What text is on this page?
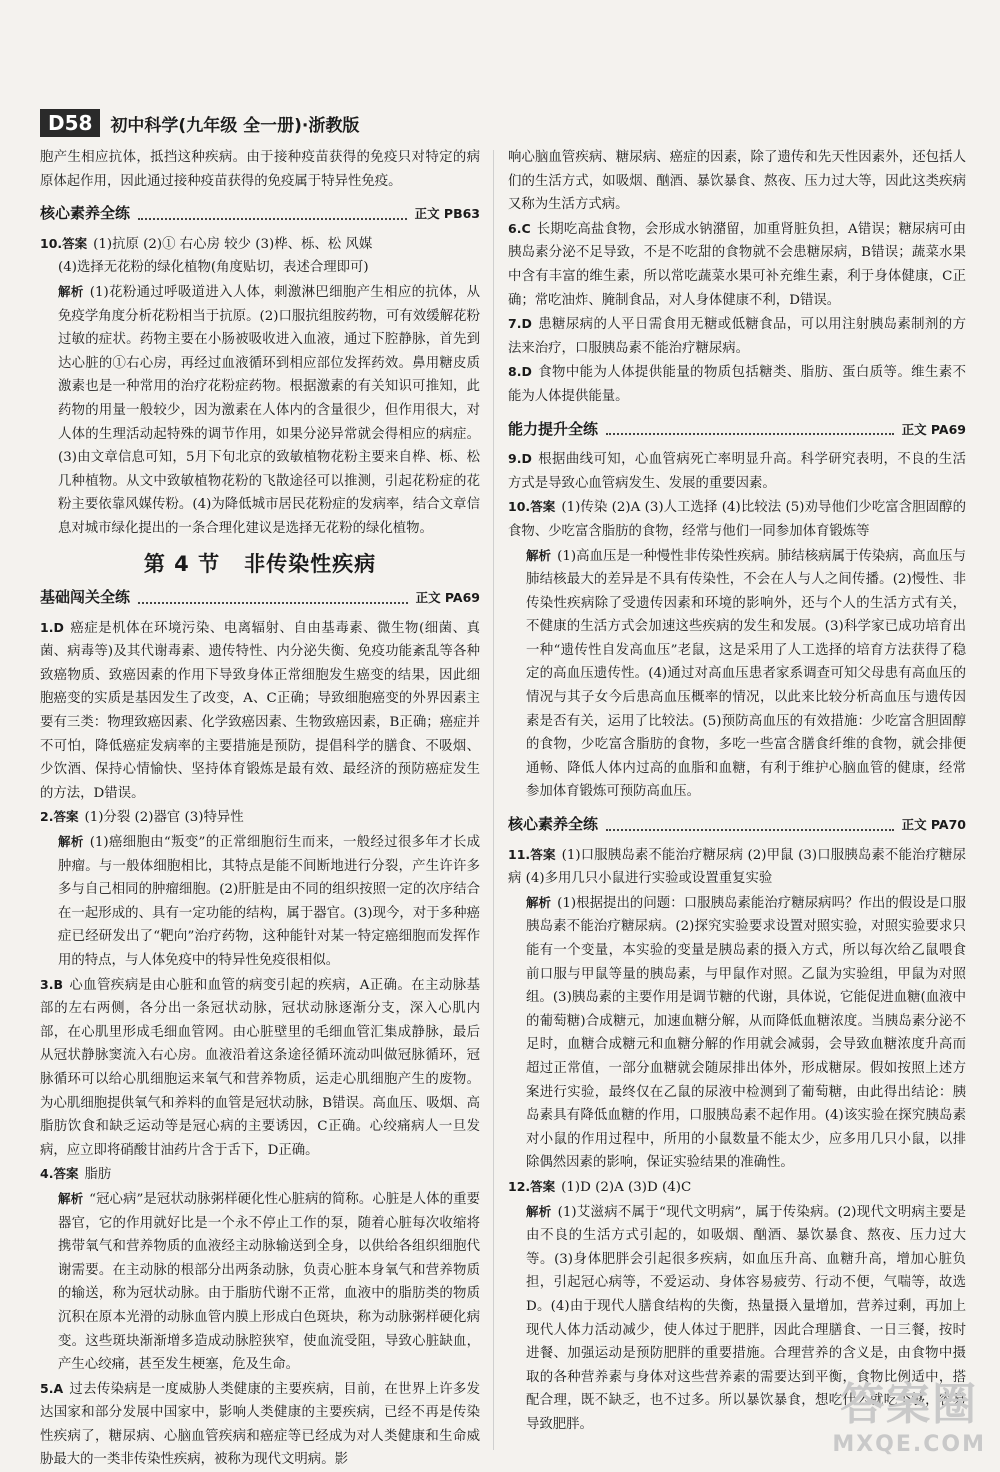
D58	初中科学(九年级 全一册)·浙教版

胞产生相应抗体，抵挡这种疾病。由于接种疫苗获得的免疫只对特定的病原体起作用，因此通过接种疫苗获得的免疫属于特异性免疫。

核心素养全练	正文 PB63

10.答案 (1)抗原 (2)① 右心房 较少 (3)桦、栎、松 风媒

(4)选择无花粉的绿化植物(角度贴切，表述合理即可)

解析 (1)花粉通过呼吸道进入人体，刺激淋巴细胞产生相应的抗体，从免疫学角度分析花粉相当于抗原。(2)口服抗组胺药物，可有效缓解花粉过敏的症状。药物主要在小肠被吸收进入血液，通过下腔静脉，首先到达心脏的①右心房，再经过血液循环到相应部位发挥药效。鼻用糖皮质激素也是一种常用的治疗花粉症药物。根据激素的有关知识可推知，此药物的用量一般较少，因为激素在人体内的含量很少，但作用很大，对人体的生理活动起特殊的调节作用，如果分泌异常就会得相应的病症。(3)由文章信息可知，5月下旬北京的致敏植物花粉主要来自桦、栎、松几种植物。从文中致敏植物花粉的飞散途径可以推测，引起花粉症的花粉主要依靠风媒传粉。(4)为降低城市居民花粉症的发病率，结合文章信息对城市绿化提出的一条合理化建议是选择无花粉的绿化植物。

第 4 节 非传染性疾病
基础闯关全练	正文 PA69

1.D 癌症是机体在环境污染、电离辐射、自由基毒素、微生物(细菌、真菌、病毒等)及其代谢毒素、遗传特性、内分泌失衡、免疫功能紊乱等各种致癌物质、致癌因素的作用下导致身体正常细胞发生癌变的结果，因此细胞癌变的实质是基因发生了改变，A、C正确；导致细胞癌变的外界因素主要有三类：物理致癌因素、化学致癌因素、生物致癌因素，B正确；癌症并不可怕，降低癌症发病率的主要措施是预防，提倡科学的膳食、不吸烟、少饮酒、保持心情愉快、坚持体育锻炼是最有效、最经济的预防癌症发生的方法，D错误。

2.答案 (1)分裂 (2)器官 (3)特异性

解析 (1)癌细胞由“叛变”的正常细胞衍生而来，一般经过很多年才长成肿瘤。与一般体细胞相比，其特点是能不间断地进行分裂，产生许许多多与自己相同的肿瘤细胞。(2)肝脏是由不同的组织按照一定的次序结合在一起形成的、具有一定功能的结构，属于器官。(3)现今，对于多种癌症已经研发出了“靶向”治疗药物，这种能针对某一特定癌细胞而发挥作用的特点，与人体免疫中的特异性免疫很相似。

3.B 心血管疾病是由心脏和血管的病变引起的疾病，A正确。在主动脉基部的左右两侧，各分出一条冠状动脉，冠状动脉逐渐分支，深入心肌内部，在心肌里形成毛细血管网。由心脏壁里的毛细血管汇集成静脉，最后从冠状静脉窦流入右心房。血液沿着这条途径循环流动叫做冠脉循环，冠脉循环可以给心肌细胞运来氧气和营养物质，运走心肌细胞产生的废物。为心肌细胞提供氧气和养料的血管是冠状动脉，B错误。高血压、吸烟、高脂肪饮食和缺乏运动等是冠心病的主要诱因，C正确。心绞痛病人一旦发病，应立即将硝酸甘油药片含于舌下，D正确。

4.答案 脂肪

解析 “冠心病”是冠状动脉粥样硬化性心脏病的简称。心脏是人体的重要器官，它的作用就好比是一个永不停止工作的泵，随着心脏每次收缩将携带氧气和营养物质的血液经主动脉输送到全身，以供给各组织细胞代谢需要。在主动脉的根部分出两条动脉，负责心脏本身氧气和营养物质的输送，称为冠状动脉。由于脂肪代谢不正常，血液中的脂肪类的物质沉积在原本光滑的动脉血管内膜上形成白色斑块，称为动脉粥样硬化病变。这些斑块渐渐增多造成动脉腔狭窄，使血流受阻，导致心脏缺血，产生心绞痛，甚至发生梗塞，危及生命。

5.A 过去传染病是一度威胁人类健康的主要疾病，目前，在世界上许多发达国家和部分发展中国家中，影响人类健康的主要疾病，已经不再是传染性疾病了，糖尿病、心脑血管疾病和癌症等已经成为对人类健康和生命威胁最大的一类非传染性疾病，被称为现代文明病。影

响心脑血管疾病、糖尿病、癌症的因素，除了遗传和先天性因素外，还包括人们的生活方式，如吸烟、酗酒、暴饮暴食、熬夜、压力过大等，因此这类疾病又称为生活方式病。

6.C 长期吃高盐食物，会形成水钠潴留，加重肾脏负担，A错误；糖尿病可由胰岛素分泌不足导致，不是不吃甜的食物就不会患糖尿病，B错误；蔬菜水果中含有丰富的维生素，所以常吃蔬菜水果可补充维生素，利于身体健康，C正确；常吃油炸、腌制食品，对人身体健康不利，D错误。

7.D 患糖尿病的人平日需食用无糖或低糖食品，可以用注射胰岛素制剂的方法来治疗，口服胰岛素不能治疗糖尿病。

8.D 食物中能为人体提供能量的物质包括糖类、脂肪、蛋白质等。维生素不能为人体提供能量。

能力提升全练	正文 PA69

9.D 根据曲线可知，心血管病死亡率明显升高。科学研究表明，不良的生活方式是导致心血管病发生、发展的重要因素。

10.答案 (1)传染 (2)A (3)人工选择 (4)比较法 (5)劝导他们少吃富含胆固醇的食物、少吃富含脂肪的食物，经常与他们一同参加体育锻炼等

解析 (1)高血压是一种慢性非传染性疾病。肺结核病属于传染病，高血压与肺结核最大的差异是不具有传染性，不会在人与人之间传播。(2)慢性、非传染性疾病除了受遗传因素和环境的影响外，还与个人的生活方式有关，不健康的生活方式会加速这些疾病的发生和发展。(3)科学家已成功培育出一种“遗传性自发高血压”老鼠，这是采用了人工选择的培育方法获得了稳定的高血压遗传性。(4)通过对高血压患者家系调查可知父母患有高血压的情况与其子女今后患高血压概率的情况，以此来比较分析高血压与遗传因素是否有关，运用了比较法。(5)预防高血压的有效措施：少吃富含胆固醇的食物，少吃富含脂肪的食物，多吃一些富含膳食纤维的食物，就会排便通畅、降低人体内过高的血脂和血糖，有利于维护心脑血管的健康，经常参加体育锻炼可预防高血压。

核心素养全练	正文 PA70

11.答案 (1)口服胰岛素不能治疗糖尿病 (2)甲鼠 (3)口服胰岛素不能治疗糖尿病 (4)多用几只小鼠进行实验或设置重复实验

解析 (1)根据提出的问题：口服胰岛素能治疗糖尿病吗？作出的假设是口服胰岛素不能治疗糖尿病。(2)探究实验要求设置对照实验，对照实验要求只能有一个变量，本实验的变量是胰岛素的摄入方式，所以每次给乙鼠喂食前口服与甲鼠等量的胰岛素，与甲鼠作对照。乙鼠为实验组，甲鼠为对照组。(3)胰岛素的主要作用是调节糖的代谢，具体说，它能促进血糖(血液中的葡萄糖)合成糖元，加速血糖分解，从而降低血糖浓度。当胰岛素分泌不足时，血糖合成糖元和血糖分解的作用就会减弱，会导致血糖浓度升高而超过正常值，一部分血糖就会随尿排出体外，形成糖尿。假如按照上述方案进行实验，最终仅在乙鼠的尿液中检测到了葡萄糖，由此得出结论：胰岛素具有降低血糖的作用，口服胰岛素不起作用。(4)该实验在探究胰岛素对小鼠的作用过程中，所用的小鼠数量不能太少，应多用几只小鼠，以排除偶然因素的影响，保证实验结果的准确性。

12.答案 (1)D (2)A (3)D (4)C

解析 (1)艾滋病不属于“现代文明病”，属于传染病。(2)现代文明病主要是由不良的生活方式引起的，如吸烟、酗酒、暴饮暴食、熬夜、压力过大等。(3)身体肥胖会引起很多疾病，如血压升高、血糖升高，增加心脏负担，引起冠心病等，不爱运动、身体容易疲劳、行动不便，气喘等，故选D。(4)由于现代人膳食结构的失衡，热量摄入量增加，营养过剩，再加上现代人体力活动减少，使人体过于肥胖，因此合理膳食、一日三餐，按时进餐、加强运动是预防肥胖的重要措施。合理营养的含义是，由食物中摄取的各种营养素与身体对这些营养素的需要达到平衡，食物比例适中，搭配合理，既不缺乏，也不过多。所以暴饮暴食，想吃什么就吃个够，容易导致肥胖。	答案圈
MXQE.COM
